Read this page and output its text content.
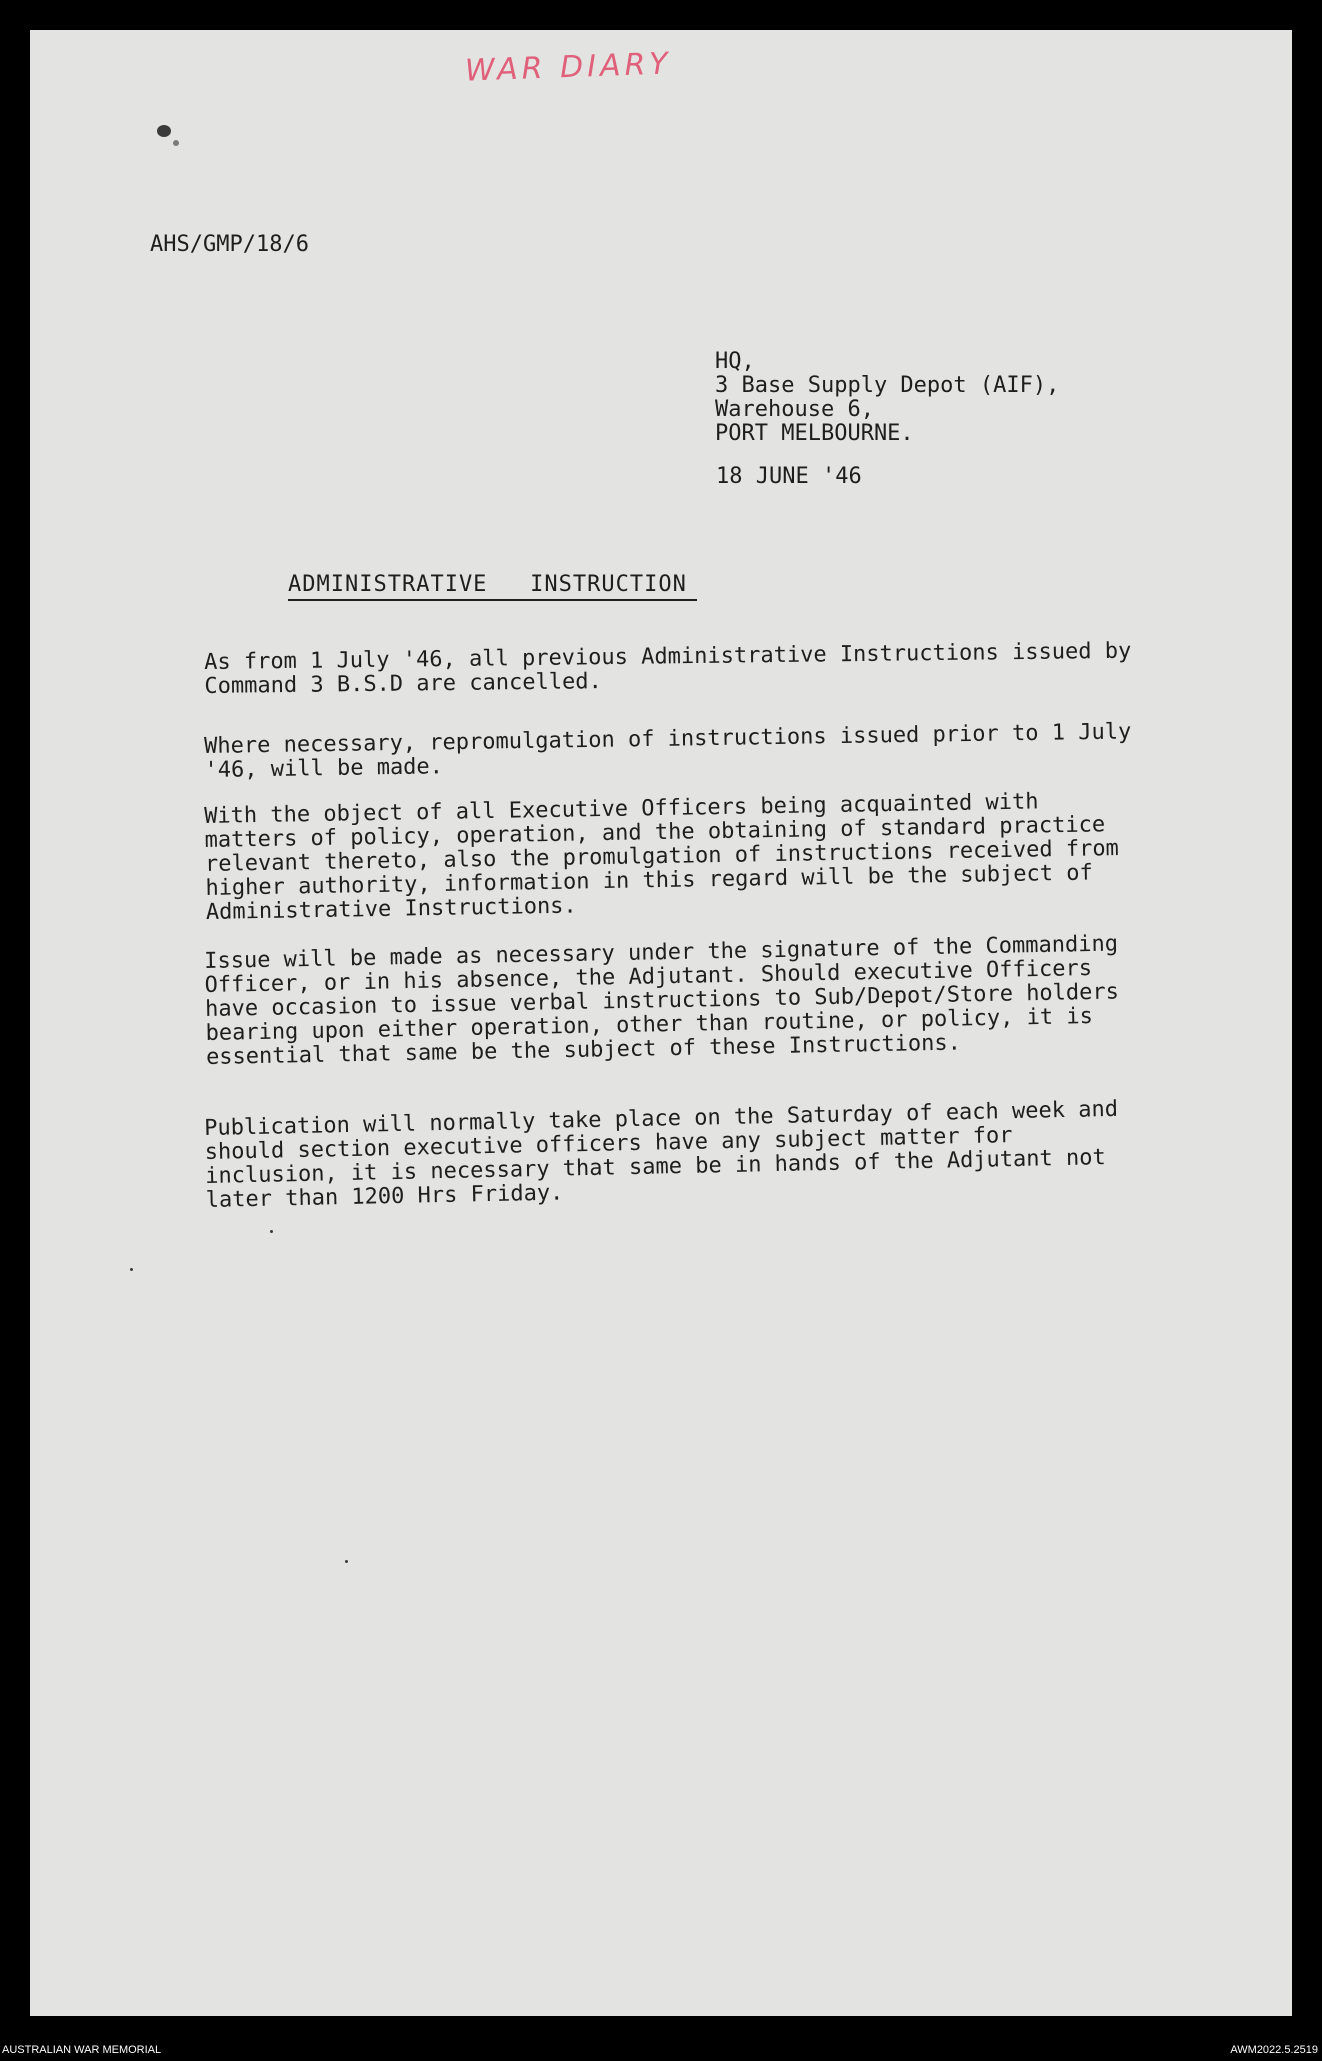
WAR DIARY
AHS/GMP/18/6
HQ,
3 Base Supply Depot (AIF),
Warehouse 6,
PORT MELBOURNE.
18 JUNE '46
ADMINISTRATIVE   INSTRUCTION

As from 1 July '46, all previous Administrative Instructions issued by Command 3 B.S.D are cancelled.

Where necessary, repromulgation of instructions issued prior to 1 July '46, will be made.

With the object of all Executive Officers being acquainted with matters of policy, operation, and the obtaining of standard practice relevant thereto, also the promulgation of instructions received from higher authority, information in this regard will be the subject of Administrative Instructions.

Issue will be made as necessary under the signature of the Commanding Officer, or in his absence, the Adjutant. Should executive Officers have occasion to issue verbal instructions to Sub/Depot/Store holders bearing upon either operation, other than routine, or policy, it is essential that same be the subject of these Instructions.

Publication will normally take place on the Saturday of each week and should section executive officers have any subject matter for inclusion, it is necessary that same be in hands of the Adjutant not later than 1200 Hrs Friday.

AUSTRALIAN WAR MEMORIAL	AWM2022.5.2519
